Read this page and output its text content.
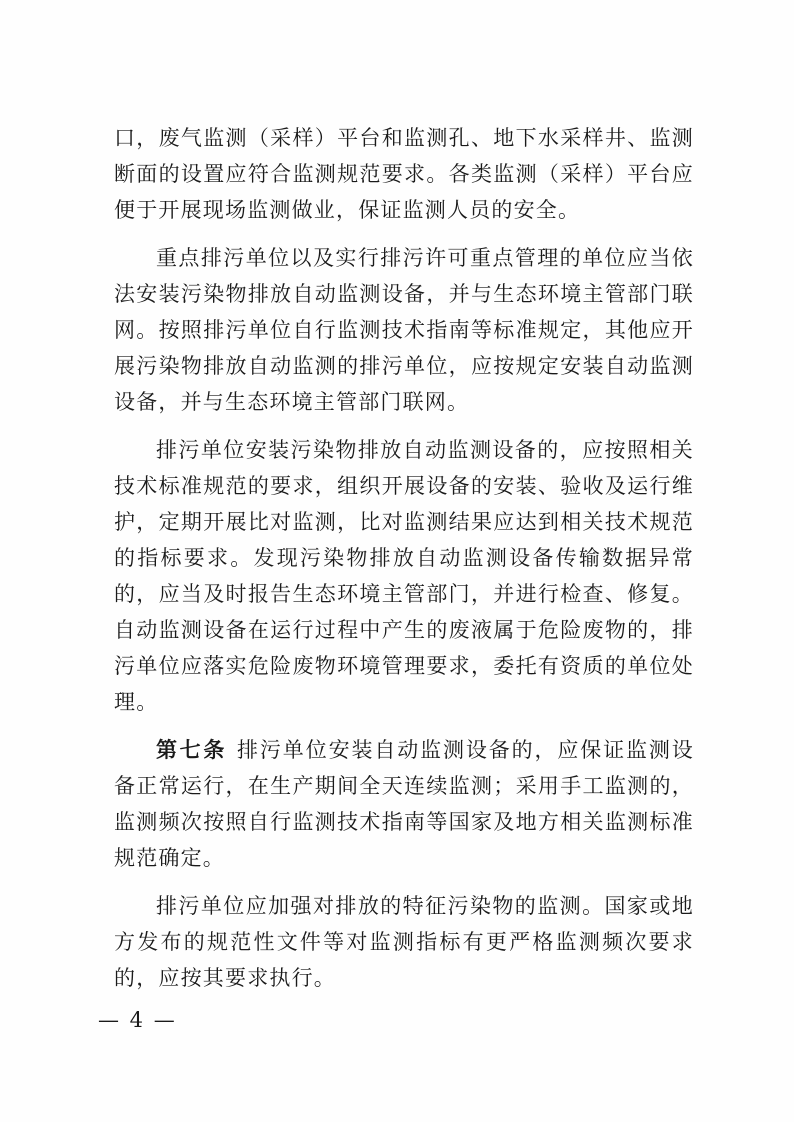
口，废气监测（采样）平台和监测孔、地下水采样井、监测断面的设置应符合监测规范要求。各类监测（采样）平台应便于开展现场监测做业，保证监测人员的安全。

重点排污单位以及实行排污许可重点管理的单位应当依法安装污染物排放自动监测设备，并与生态环境主管部门联网。按照排污单位自行监测技术指南等标准规定，其他应开展污染物排放自动监测的排污单位，应按规定安装自动监测设备，并与生态环境主管部门联网。

排污单位安装污染物排放自动监测设备的，应按照相关技术标准规范的要求，组织开展设备的安装、验收及运行维护，定期开展比对监测，比对监测结果应达到相关技术规范的指标要求。发现污染物排放自动监测设备传输数据异常的，应当及时报告生态环境主管部门，并进行检查、修复。自动监测设备在运行过程中产生的废液属于危险废物的，排污单位应落实危险废物环境管理要求，委托有资质的单位处理。

第七条 排污单位安装自动监测设备的，应保证监测设备正常运行，在生产期间全天连续监测；采用手工监测的，监测频次按照自行监测技术指南等国家及地方相关监测标准规范确定。

排污单位应加强对排放的特征污染物的监测。国家或地方发布的规范性文件等对监测指标有更严格监测频次要求的，应按其要求执行。

— 4 —
